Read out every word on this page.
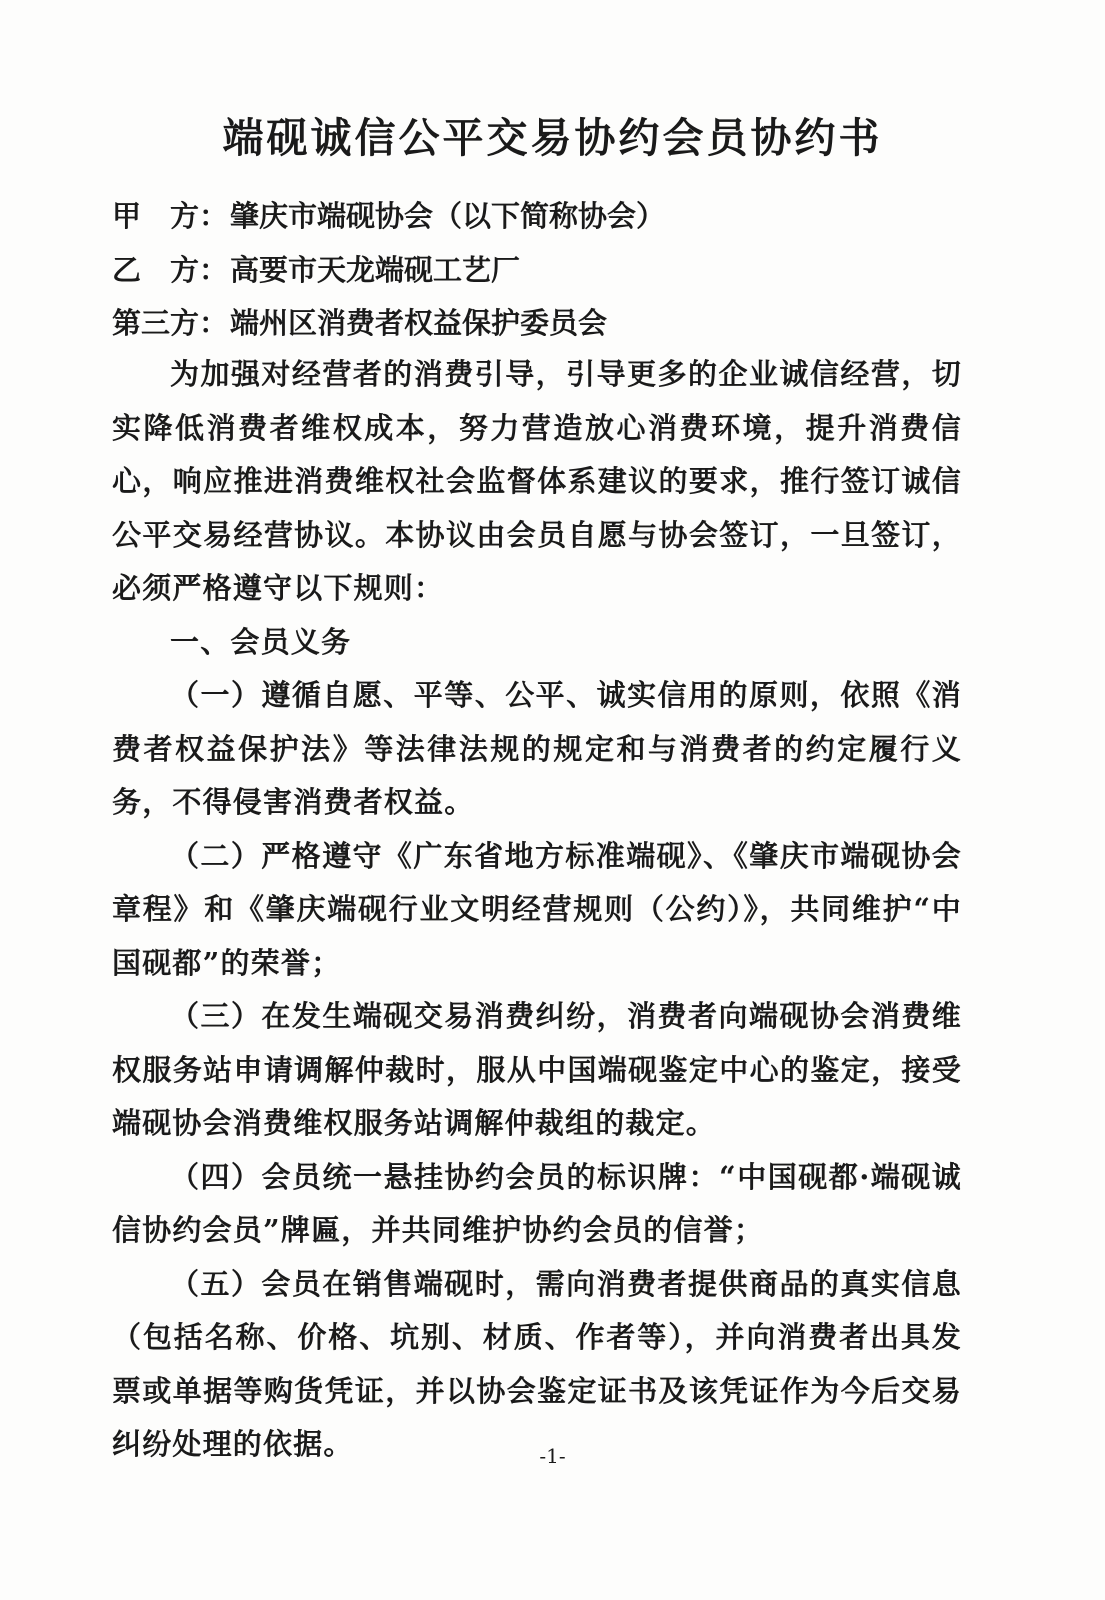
端砚诚信公平交易协约会员协约书
甲　方：肇庆市端砚协会（以下简称协会）
乙　方：高要市天龙端砚工艺厂
第三方：端州区消费者权益保护委员会

为加强对经营者的消费引导，引导更多的企业诚信经营，切实降低消费者维权成本，努力营造放心消费环境，提升消费信心，响应推进消费维权社会监督体系建议的要求，推行签订诚信公平交易经营协议。本协议由会员自愿与协会签订，一旦签订，必须严格遵守以下规则：

一、会员义务

（一）遵循自愿、平等、公平、诚实信用的原则，依照《消费者权益保护法》等法律法规的规定和与消费者的约定履行义务，不得侵害消费者权益。

（二）严格遵守《广东省地方标准端砚》、《肇庆市端砚协会章程》和《肇庆端砚行业文明经营规则（公约）》，共同维护“中国砚都”的荣誉；

（三）在发生端砚交易消费纠纷，消费者向端砚协会消费维权服务站申请调解仲裁时，服从中国端砚鉴定中心的鉴定，接受端砚协会消费维权服务站调解仲裁组的裁定。

（四）会员统一悬挂协约会员的标识牌：“中国砚都·端砚诚信协约会员”牌匾，并共同维护协约会员的信誉；

（五）会员在销售端砚时，需向消费者提供商品的真实信息（包括名称、价格、坑别、材质、作者等），并向消费者出具发票或单据等购货凭证，并以协会鉴定证书及该凭证作为今后交易纠纷处理的依据。	-1-
